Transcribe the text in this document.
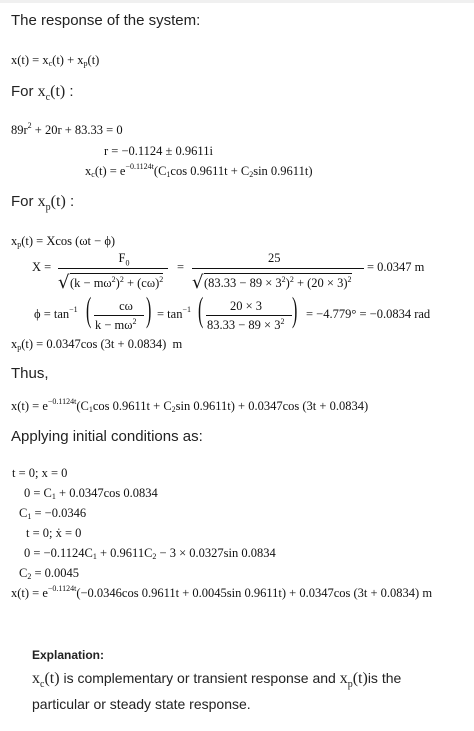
The response of the system:
$x(t) = x_c(t) + x_p(t)$
For $x_c(t)$ :
$89r^2 + 20r + 83.33 = 0$
r = −0.1124 ± 0.9611i
$x_c(t) = e^{-0.1124t}(C_1\cos$ $0.9611t + C_2\sin$ 0.9611t)
For $x_p(t)$ :
$x_p(t) = Xcos$ (ωt − ϕ)
X =
$F_0$
√ $(k - m\omega^2)^2 + (c\omega)^2$
=
25
√ $(83.33 - 89 \times 3^2)^2 + (20 \times 3)^2$
= 0.0347 m
$\phi = \tan^{-1}$ (	cω
$k - m\omega^2$ ) = $\tan^{-1}$ ( 20 × 3
$83.33 - 89 \times 3^2$ ) = −4.779° = −0.0834 rad
$x_p(t) = 0.0347\cos$ (3t + 0.0834)  m
Thus,
$x(t) = e^{-0.1124t}(C_1\cos$ $0.9611t + C_2\sin$ 0.9611t) + 0.0347cos (3t + 0.0834)
Applying initial conditions as:
t = 0; x = 0
$0 = C_1 + 0.0347\cos$ 0.0834
$C_1 = -0.0346$
t = 0; ẋ = 0
$0 = -0.1124C_1 + 0.9611C_2 - 3 \times 0.0327\sin$ 0.0834
$C_2 = 0.0045$
$x(t) = e^{-0.1124t}(-0.0346\cos$ 0.9611t + 0.0045sin 0.9611t) + 0.0347cos (3t + 0.0834) m
Explanation:
$x_c(t)$ is complementary or transient response and $x_p(t)is$ the
particular or steady state response.
